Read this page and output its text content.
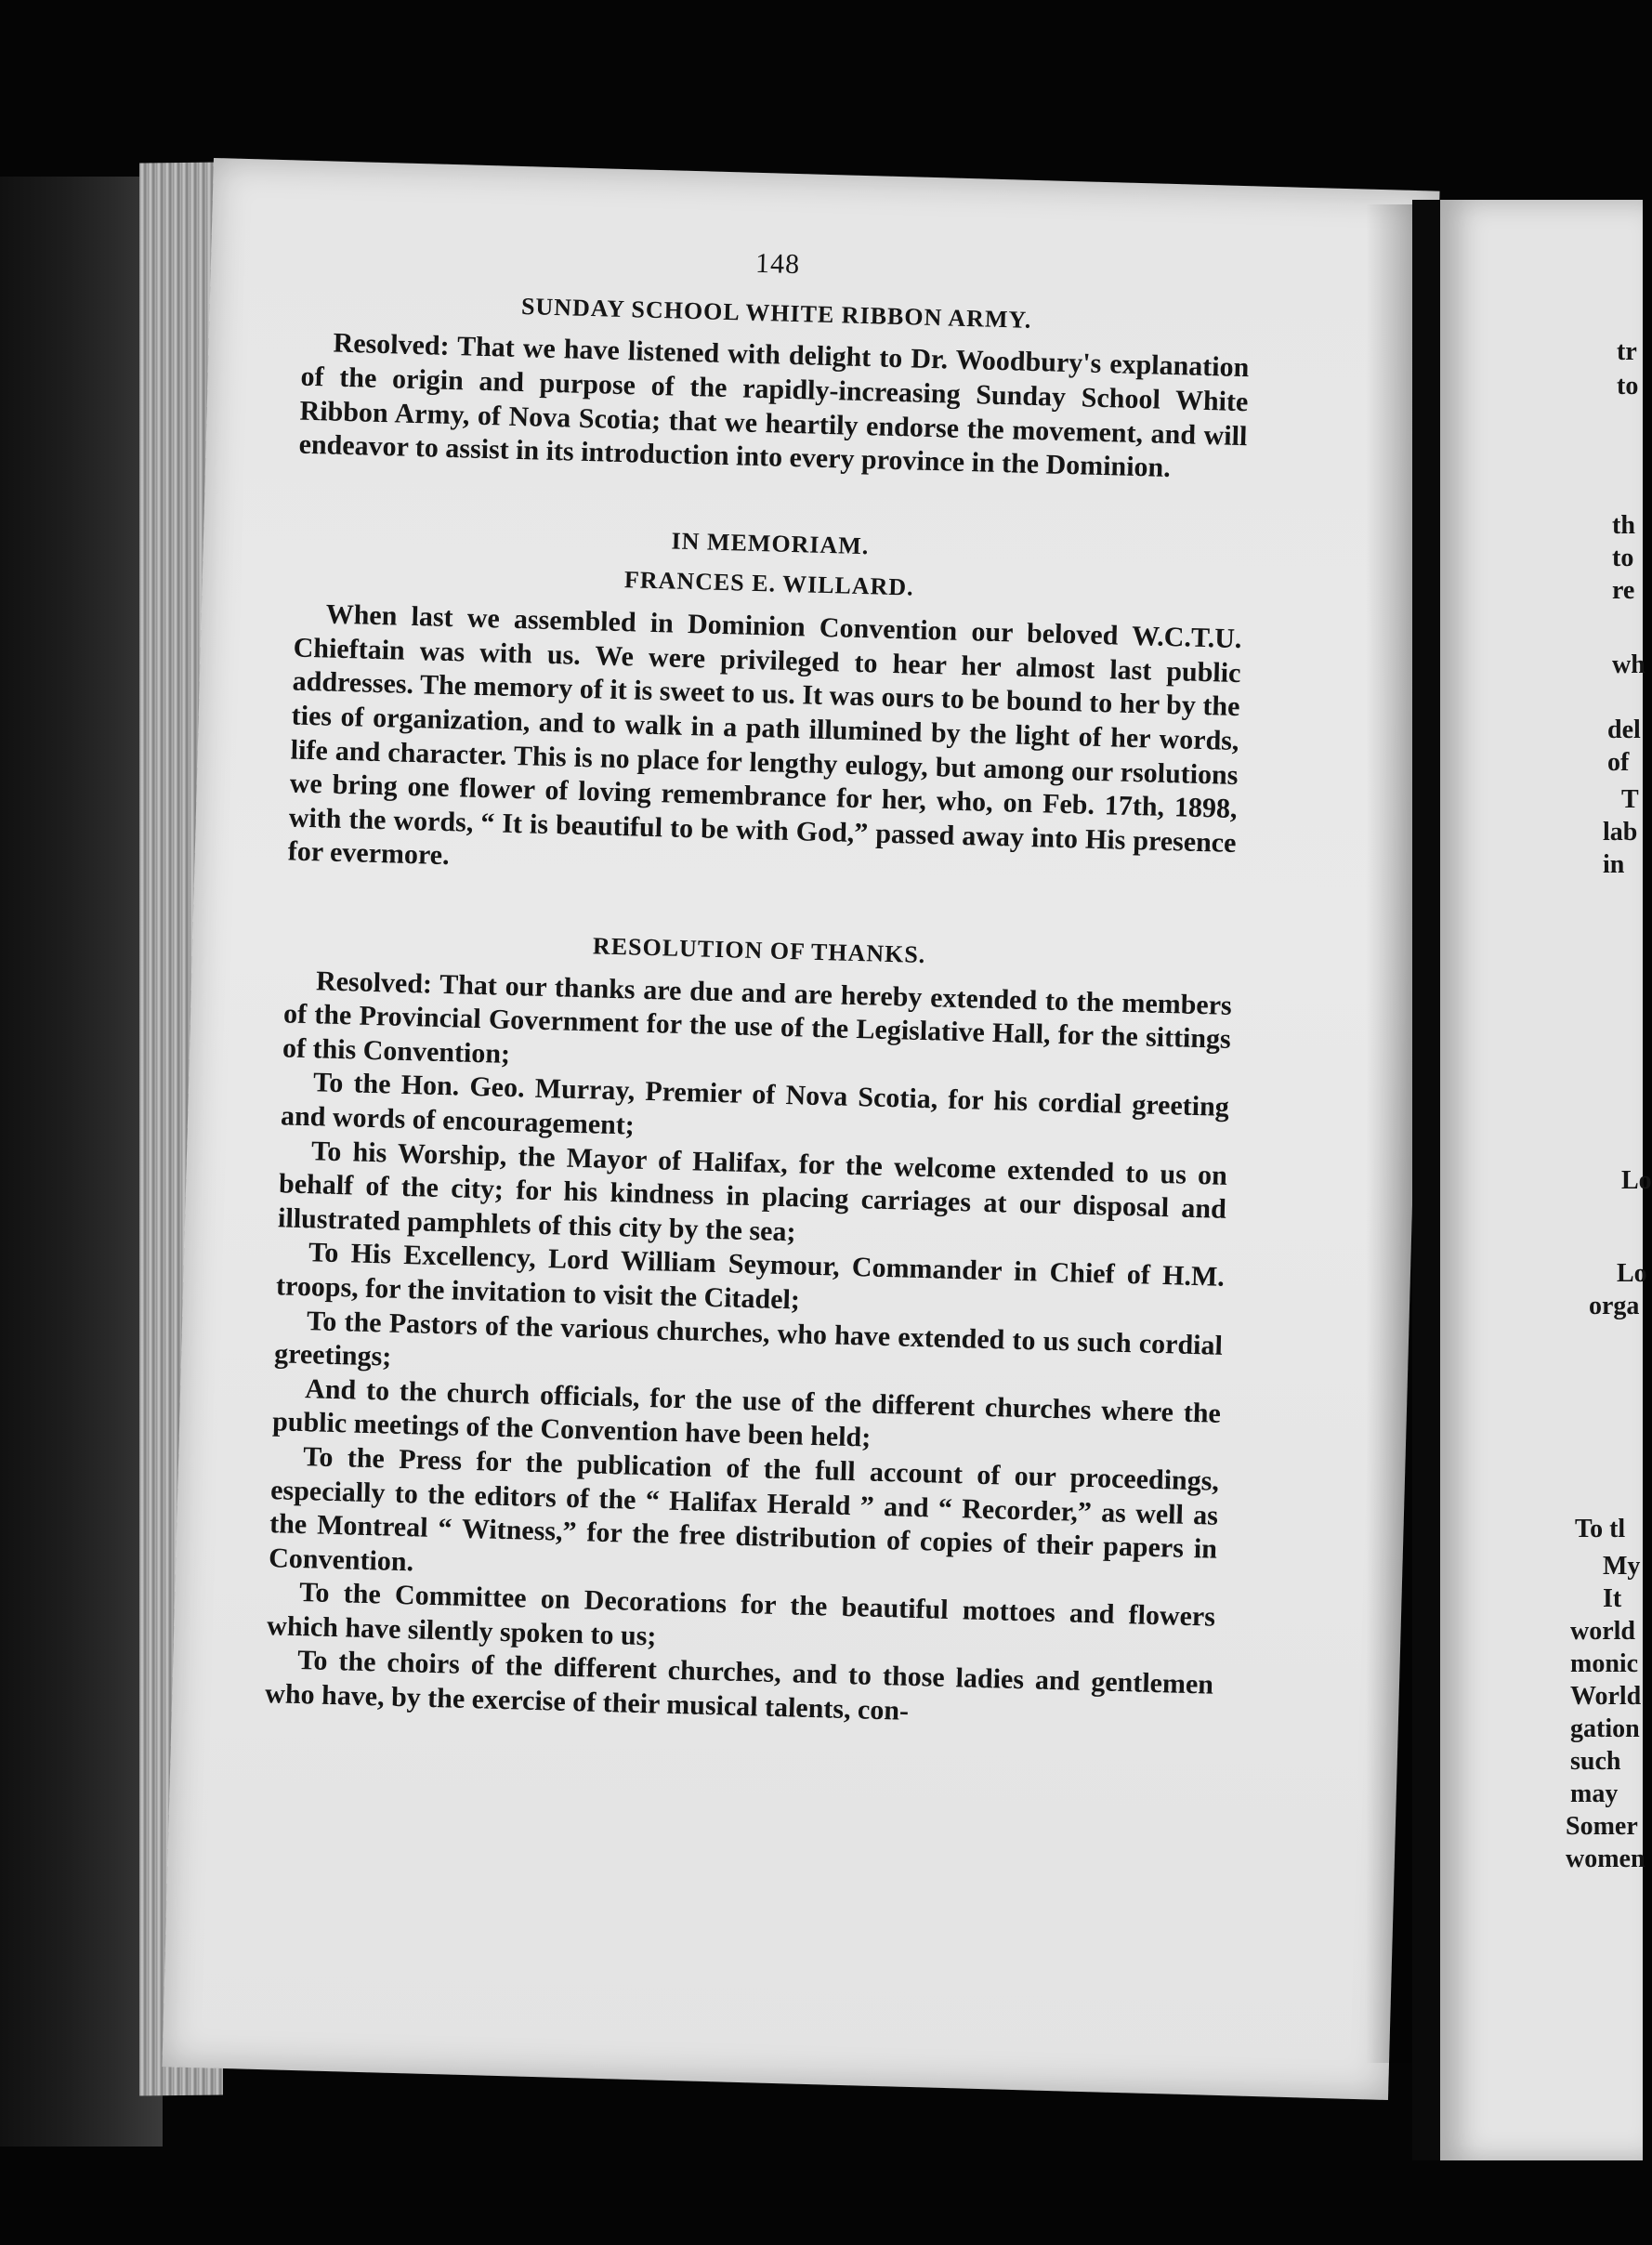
148
SUNDAY SCHOOL WHITE RIBBON ARMY.

Resolved: That we have listened with delight to Dr. Woodbury's explanation of the origin and purpose of the rapidly-increasing Sunday School White Ribbon Army, of Nova Scotia; that we heartily endorse the movement, and will endeavor to assist in its introduction into every province in the Dominion.

IN MEMORIAM.
FRANCES E. WILLARD.

When last we assembled in Dominion Convention our beloved W.C.T.U. Chieftain was with us. We were privileged to hear her almost last public addresses. The memory of it is sweet to us. It was ours to be bound to her by the ties of organization, and to walk in a path illumined by the light of her words, life and character. This is no place for lengthy eulogy, but among our rsolutions we bring one flower of loving remembrance for her, who, on Feb. 17th, 1898, with the words, “ It is beautiful to be with God,” passed away into His presence for evermore.

RESOLUTION OF THANKS.

Resolved: That our thanks are due and are hereby extended to the members of the Provincial Government for the use of the Legislative Hall, for the sittings of this Convention;

To the Hon. Geo. Murray, Premier of Nova Scotia, for his cordial greeting and words of encouragement;

To his Worship, the Mayor of Halifax, for the welcome extended to us on behalf of the city; for his kindness in placing carriages at our disposal and illustrated pamphlets of this city by the sea;

To His Excellency, Lord William Seymour, Commander in Chief of H.M. troops, for the invitation to visit the Citadel;

To the Pastors of the various churches, who have extended to us such cordial greetings;

And to the church officials, for the use of the different churches where the public meetings of the Convention have been held;

To the Press for the publication of the full account of our proceedings, especially to the editors of the “ Halifax Herald ” and “ Recorder,” as well as the Montreal “ Witness,” for the free distribution of copies of their papers in Convention.

To the Committee on Decorations for the beautiful mottoes and flowers which have silently spoken to us;

To the choirs of the different churches, and to those ladies and gentlemen who have, by the exercise of their musical talents, con-

tr
to
th
to
re
wh
del
of
T
lab
in
Lo
Lo
orga
To tl
My
It
world
monic
World
gation
such
may
Somer
women
